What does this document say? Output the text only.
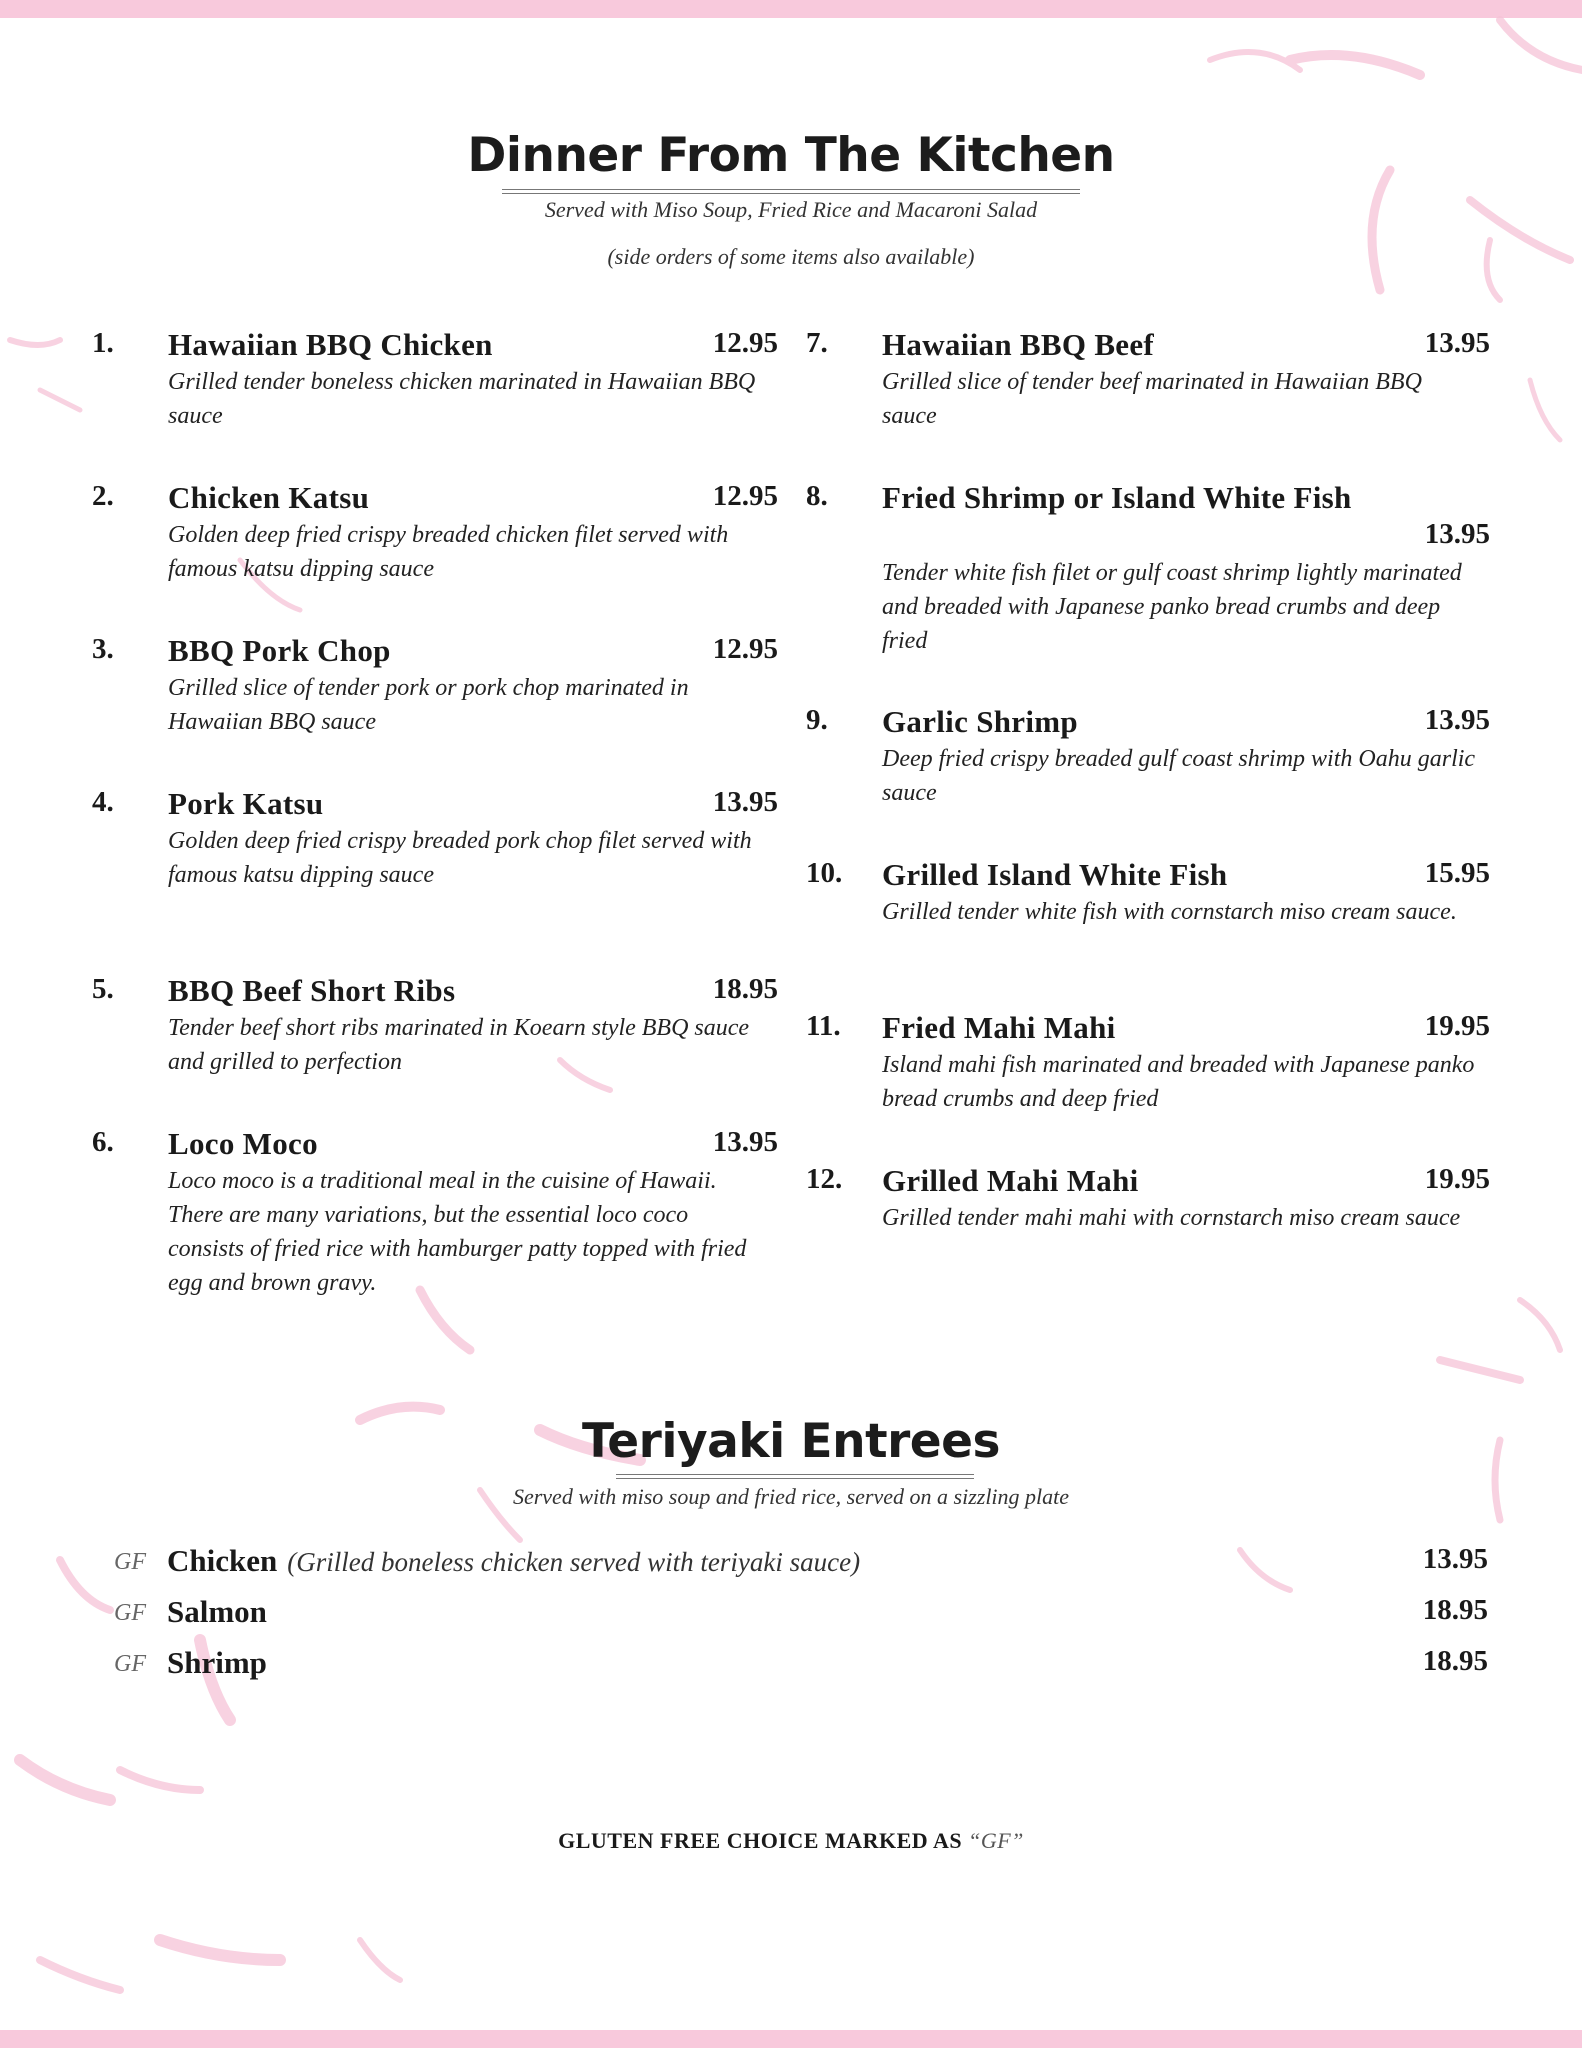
Dinner From The Kitchen
Served with Miso Soup, Fried Rice and Macaroni Salad
(side orders of some items also available)
1. Hawaiian BBQ Chicken	12.95
Grilled tender boneless chicken marinated in Hawaiian BBQ sauce
2. Chicken Katsu	12.95
Golden deep fried crispy breaded chicken filet served with famous katsu dipping sauce
3. BBQ Pork Chop	12.95
Grilled slice of tender pork or pork chop marinated in Hawaiian BBQ sauce
4. Pork Katsu	13.95
Golden deep fried crispy breaded pork chop filet served with famous katsu dipping sauce
5. BBQ Beef Short Ribs	18.95
Tender beef short ribs marinated in Koearn style BBQ sauce and grilled to perfection
6. Loco Moco	13.95
Loco moco is a traditional meal in the cuisine of Hawaii. There are many variations, but the essential loco coco consists of fried rice with hamburger patty topped with fried egg and brown gravy.
7. Hawaiian BBQ Beef	13.95
Grilled slice of tender beef marinated in Hawaiian BBQ sauce
8. Fried Shrimp or Island White Fish
13.95
Tender white fish filet or gulf coast shrimp lightly marinated and breaded with Japanese panko bread crumbs and deep fried
9. Garlic Shrimp	13.95
Deep fried crispy breaded gulf coast shrimp with Oahu garlic sauce
10. Grilled Island White Fish	15.95
Grilled tender white fish with cornstarch miso cream sauce.
11. Fried Mahi Mahi	19.95
Island mahi fish marinated and breaded with Japanese panko bread crumbs and deep fried
12. Grilled Mahi Mahi	19.95
Grilled tender mahi mahi with cornstarch miso cream sauce
Teriyaki Entrees
Served with miso soup and fried rice, served on a sizzling plate
GF Chicken (Grilled boneless chicken served with teriyaki sauce)	13.95
GF Salmon	18.95
GF Shrimp	18.95
GLUTEN FREE CHOICE MARKED AS “GF”
